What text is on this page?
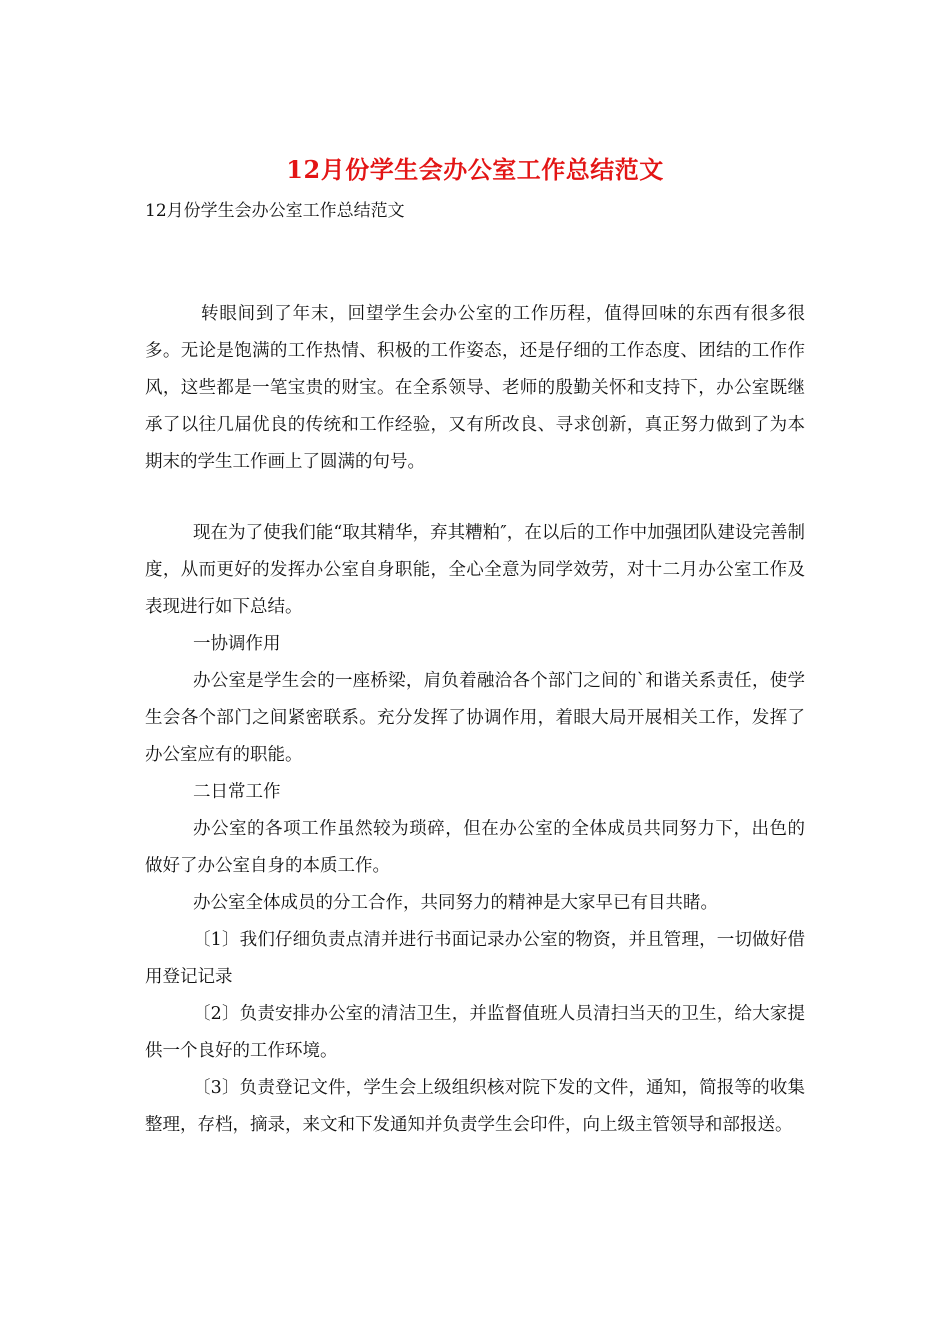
12月份学生会办公室工作总结范文
12月份学生会办公室工作总结范文

转眼间到了年末，回望学生会办公室的工作历程，值得回味的东西有很多很多。无论是饱满的工作热情、积极的工作姿态，还是仔细的工作态度、团结的工作作风，这些都是一笔宝贵的财宝。在全系领导、老师的殷勤关怀和支持下，办公室既继承了以往几届优良的传统和工作经验，又有所改良、寻求创新，真正努力做到了为本期末的学生工作画上了圆满的句号。

现在为了使我们能“取其精华，弃其糟粕″，在以后的工作中加强团队建设完善制度，从而更好的发挥办公室自身职能，全心全意为同学效劳，对十二月办公室工作及表现进行如下总结。

一协调作用

办公室是学生会的一座桥梁，肩负着融洽各个部门之间的`和谐关系责任，使学生会各个部门之间紧密联系。充分发挥了协调作用，着眼大局开展相关工作，发挥了办公室应有的职能。

二日常工作

办公室的各项工作虽然较为琐碎，但在办公室的全体成员共同努力下，出色的做好了办公室自身的本质工作。

办公室全体成员的分工合作，共同努力的精神是大家早已有目共睹。

〔1〕我们仔细负责点清并进行书面记录办公室的物资，并且管理，一切做好借用登记记录

〔2〕负责安排办公室的清洁卫生，并监督值班人员清扫当天的卫生，给大家提供一个良好的工作环境。

〔3〕负责登记文件，学生会上级组织核对院下发的文件，通知，简报等的收集整理，存档，摘录，来文和下发通知并负责学生会印件，向上级主管领导和部报送。
